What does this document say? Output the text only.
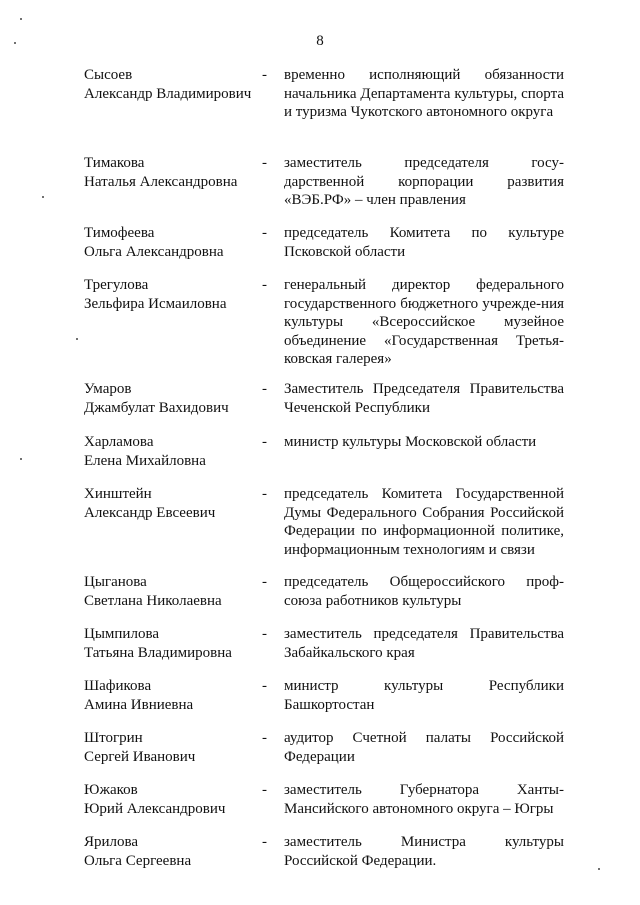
8
Сысоев
Александр Владимирович
- временно исполняющий обязанности начальника Департамента культуры, спорта и туризма Чукотского автономного округа
Тимакова
Наталья Александровна
- заместитель председателя госу-дарственной корпорации развития «ВЭБ.РФ» – член правления
Тимофеева
Ольга Александровна
- председатель Комитета по культуре Псковской области
Трегулова
Зельфира Исмаиловна
- генеральный директор федерального государственного бюджетного учрежде-ния культуры «Всероссийское музейное объединение «Государственная Третья-ковская галерея»
Умаров
Джамбулат Вахидович
- Заместитель Председателя Правительства Чеченской Республики
Харламова
Елена Михайловна
- министр культуры Московской области
Хинштейн
Александр Евсеевич
- председатель Комитета Государственной Думы Федерального Собрания Российской Федерации по информационной политике, информационным технологиям и связи
Цыганова
Светлана Николаевна
- председатель Общероссийского проф-союза работников культуры
Цымпилова
Татьяна Владимировна
- заместитель председателя Правительства Забайкальского края
Шафикова
Амина Ивниевна
- министр культуры Республики Башкортостан
Штогрин
Сергей Иванович
- аудитор Счетной палаты Российской Федерации
Южаков
Юрий Александрович
- заместитель Губернатора Ханты-Мансийского автономного округа – Югры
Ярилова
Ольга Сергеевна
- заместитель Министра культуры Российской Федерации.
